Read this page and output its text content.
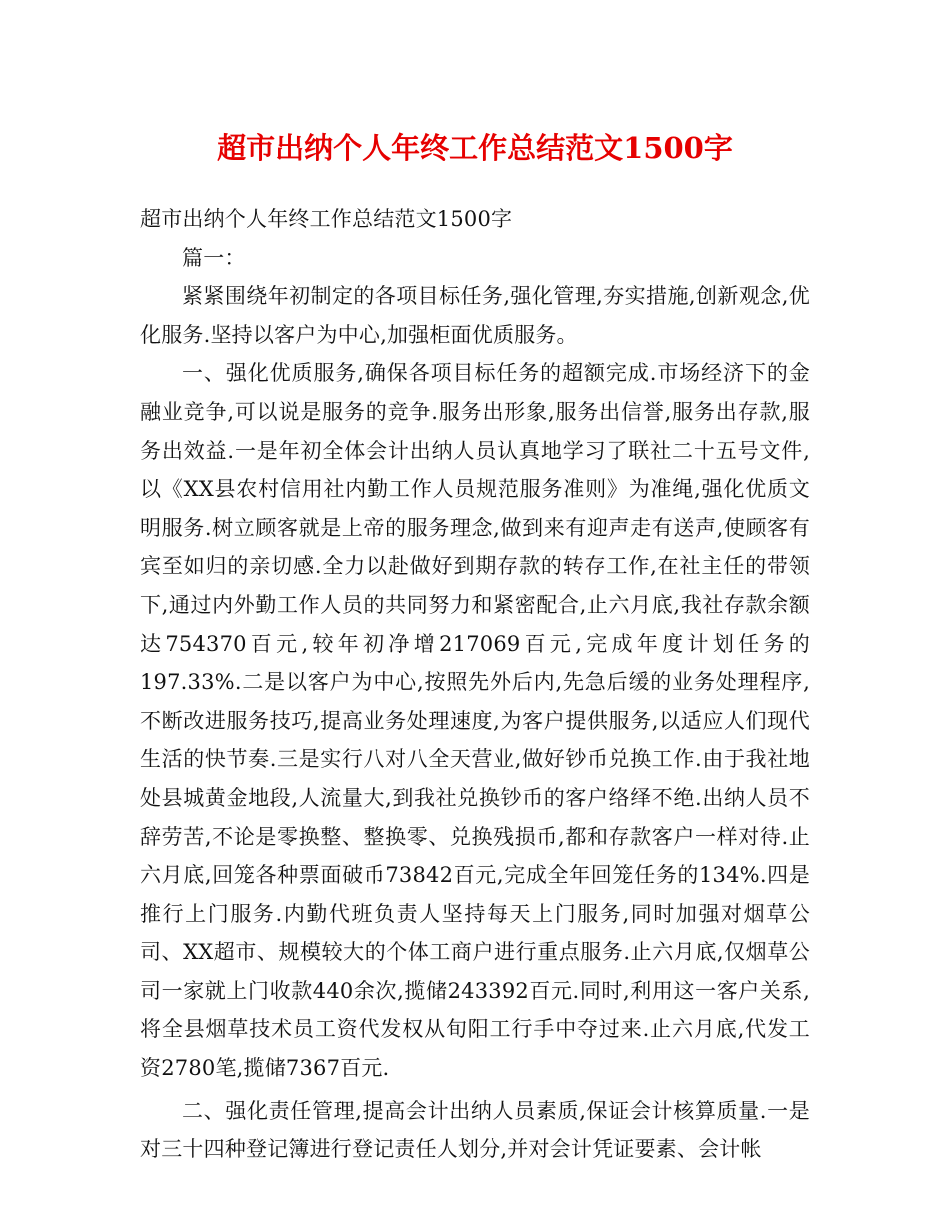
超市出纳个人年终工作总结范文1500字

超市出纳个人年终工作总结范文1500字

篇一：

紧紧围绕年初制定的各项目标任务,强化管理,夯实措施,创新观念,优化服务.坚持以客户为中心,加强柜面优质服务。

一、强化优质服务,确保各项目标任务的超额完成.市场经济下的金融业竞争,可以说是服务的竞争.服务出形象,服务出信誉,服务出存款,服务出效益.一是年初全体会计出纳人员认真地学习了联社二十五号文件,以《XX县农村信用社内勤工作人员规范服务准则》为准绳,强化优质文明服务.树立顾客就是上帝的服务理念,做到来有迎声走有送声,使顾客有宾至如归的亲切感.全力以赴做好到期存款的转存工作,在社主任的带领下,通过内外勤工作人员的共同努力和紧密配合,止六月底,我社存款余额达754370百元,较年初净增217069百元,完成年度计划任务的197.33%.二是以客户为中心,按照先外后内,先急后缓的业务处理程序,不断改进服务技巧,提高业务处理速度,为客户提供服务,以适应人们现代生活的快节奏.三是实行八对八全天营业,做好钞币兑换工作.由于我社地处县城黄金地段,人流量大,到我社兑换钞币的客户络绎不绝.出纳人员不辞劳苦,不论是零换整、整换零、兑换残损币,都和存款客户一样对待.止六月底,回笼各种票面破币73842百元,完成全年回笼任务的134%.四是推行上门服务.内勤代班负责人坚持每天上门服务,同时加强对烟草公司、XX超市、规模较大的个体工商户进行重点服务.止六月底,仅烟草公司一家就上门收款440余次,揽储243392百元.同时,利用这一客户关系,将全县烟草技术员工资代发权从旬阳工行手中夺过来.止六月底,代发工资2780笔,揽储7367百元.

二、强化责任管理,提高会计出纳人员素质,保证会计核算质量.一是对三十四种登记簿进行登记责任人划分,并对会计凭证要素、会计帐
